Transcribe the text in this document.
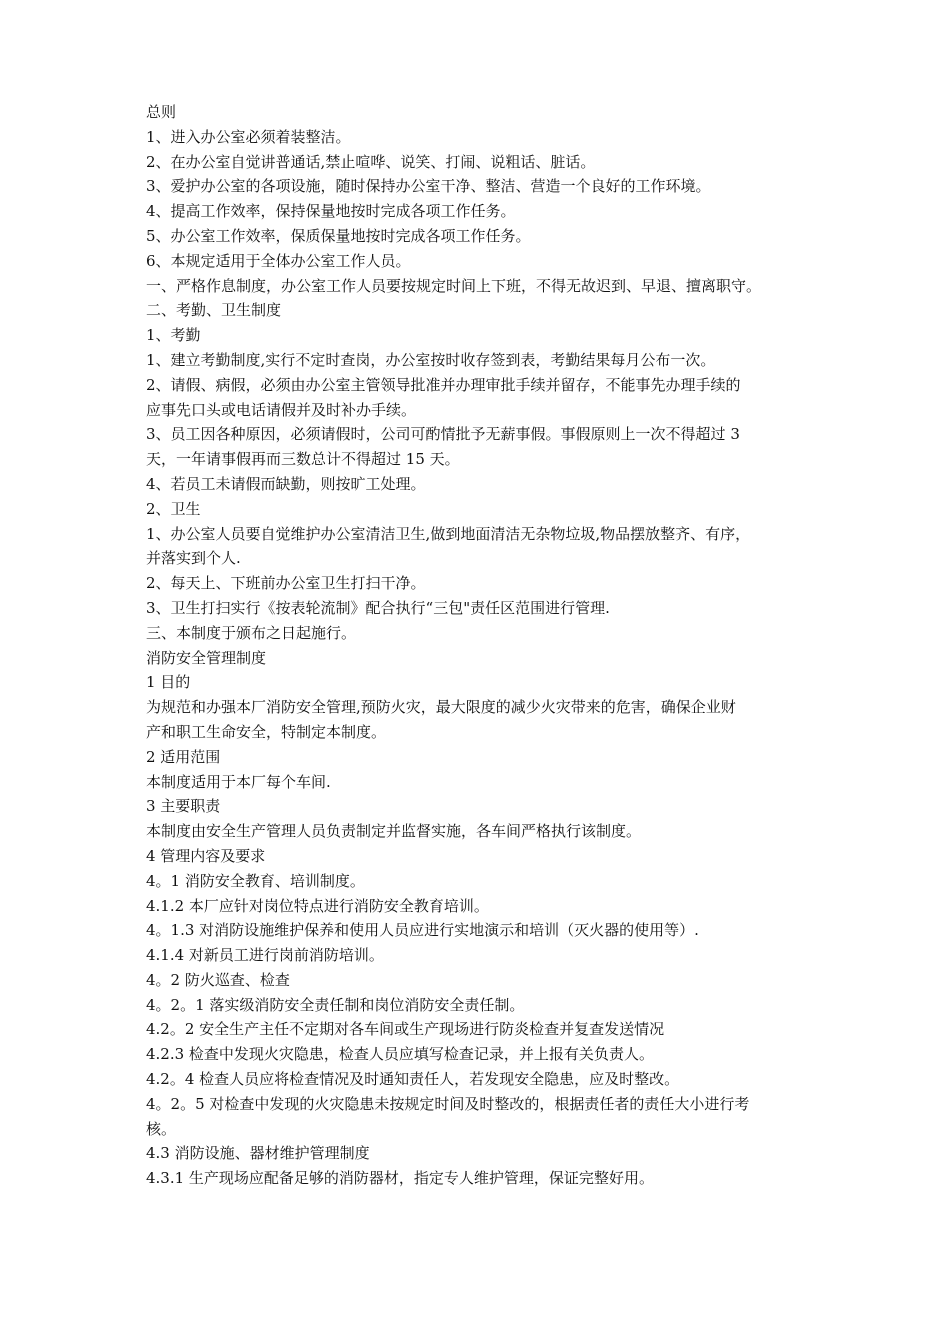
总则
1、进入办公室必须着装整洁。
2、在办公室自觉讲普通话,禁止喧哗、说笑、打闹、说粗话、脏话。
3、爱护办公室的各项设施，随时保持办公室干净、整洁、营造一个良好的工作环境。
4、提高工作效率，保持保量地按时完成各项工作任务。
5、办公室工作效率，保质保量地按时完成各项工作任务。
6、本规定适用于全体办公室工作人员。
一、严格作息制度，办公室工作人员要按规定时间上下班，不得无故迟到、早退、擅离职守。
二、考勤、卫生制度
1、考勤
1、建立考勤制度,实行不定时查岗，办公室按时收存签到表，考勤结果每月公布一次。
2、请假、病假，必须由办公室主管领导批准并办理审批手续并留存，不能事先办理手续的
应事先口头或电话请假并及时补办手续。
3、员工因各种原因，必须请假时，公司可酌情批予无薪事假。事假原则上一次不得超过 3
天，一年请事假再而三数总计不得超过 15 天。
4、若员工未请假而缺勤，则按旷工处理。
2、卫生
1、办公室人员要自觉维护办公室清洁卫生,做到地面清洁无杂物垃圾,物品摆放整齐、有序，
并落实到个人.
2、每天上、下班前办公室卫生打扫干净。
3、卫生打扫实行《按表轮流制》配合执行“三包"责任区范围进行管理.
三、本制度于颁布之日起施行。
消防安全管理制度
1 目的
为规范和办强本厂消防安全管理,预防火灾，最大限度的减少火灾带来的危害，确保企业财
产和职工生命安全，特制定本制度。
2 适用范围
本制度适用于本厂每个车间.
3 主要职责
本制度由安全生产管理人员负责制定并监督实施，各车间严格执行该制度。
4 管理内容及要求
4。1 消防安全教育、培训制度。
4.1.2 本厂应针对岗位特点进行消防安全教育培训。
4。1.3 对消防设施维护保养和使用人员应进行实地演示和培训（灭火器的使用等）.
4.1.4 对新员工进行岗前消防培训。
4。2 防火巡查、检查
4。2。1 落实级消防安全责任制和岗位消防安全责任制。
4.2。2 安全生产主任不定期对各车间或生产现场进行防炎检查并复查发送情况
4.2.3 检查中发现火灾隐患，检查人员应填写检查记录，并上报有关负责人。
4.2。4 检查人员应将检查情况及时通知责任人，若发现安全隐患，应及时整改。
4。2。5 对检查中发现的火灾隐患未按规定时间及时整改的，根据责任者的责任大小进行考
核。
4.3 消防设施、器材维护管理制度
4.3.1 生产现场应配备足够的消防器材，指定专人维护管理，保证完整好用。
